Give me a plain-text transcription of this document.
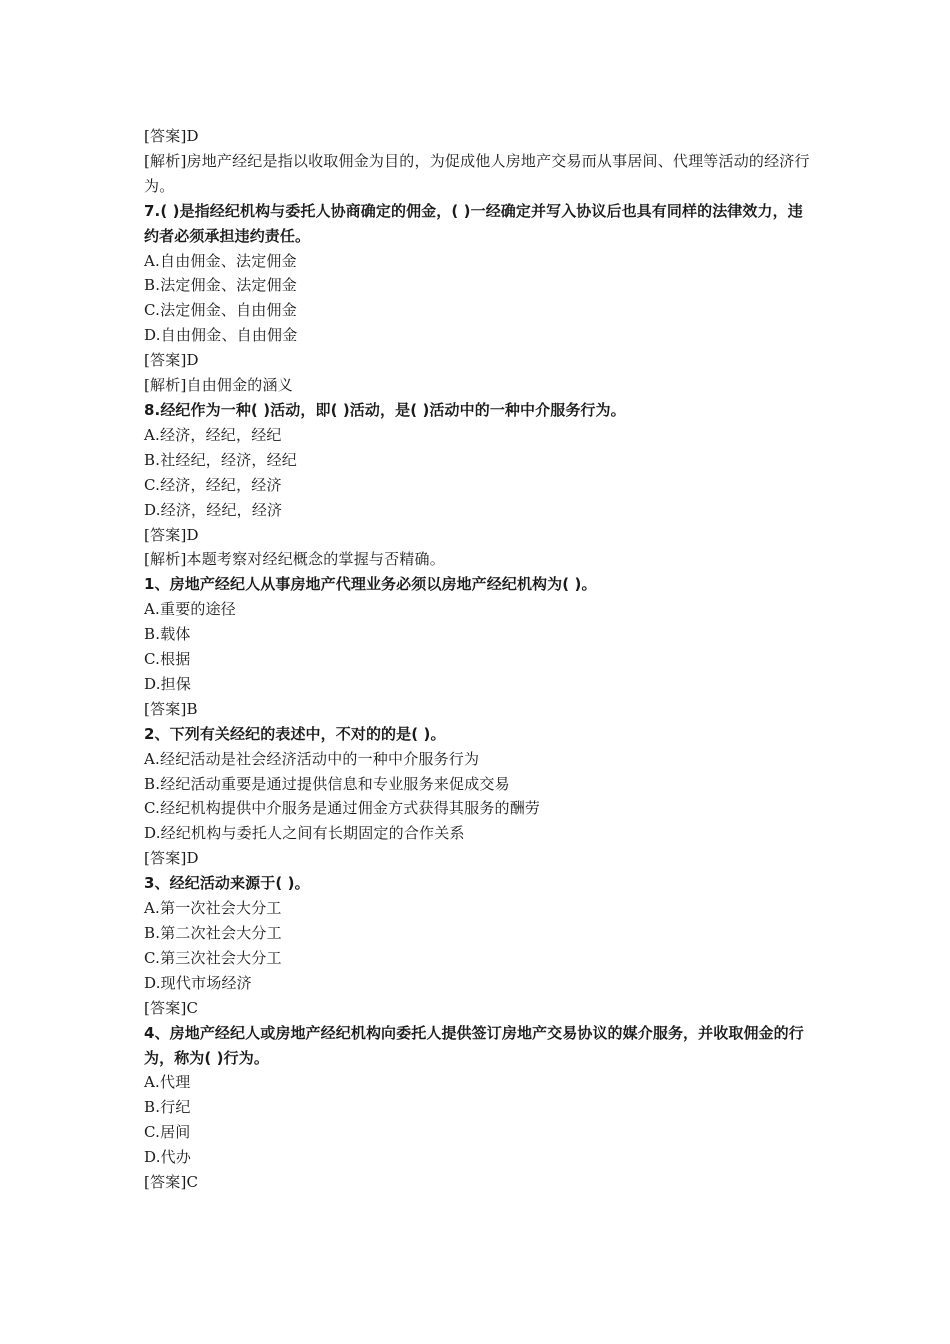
[答案]D
[解析]房地产经纪是指以收取佣金为目的，为促成他人房地产交易而从事居间、代理等活动的经济行为。
7.( )是指经纪机构与委托人协商确定的佣金，( )一经确定并写入协议后也具有同样的法律效力，违约者必须承担违约责任。
A.自由佣金、法定佣金
B.法定佣金、法定佣金
C.法定佣金、自由佣金
D.自由佣金、自由佣金
[答案]D
[解析]自由佣金的涵义
8.经纪作为一种( )活动，即( )活动，是( )活动中的一种中介服务行为。
A.经济，经纪，经纪
B.社经纪，经济，经纪
C.经济，经纪，经济
D.经济，经纪，经济
[答案]D
[解析]本题考察对经纪概念的掌握与否精确。
1、房地产经纪人从事房地产代理业务必须以房地产经纪机构为( )。
A.重要的途径
B.载体
C.根据
D.担保
[答案]B
2、下列有关经纪的表述中，不对的的是( )。
A.经纪活动是社会经济活动中的一种中介服务行为
B.经纪活动重要是通过提供信息和专业服务来促成交易
C.经纪机构提供中介服务是通过佣金方式获得其服务的酬劳
D.经纪机构与委托人之间有长期固定的合作关系
[答案]D
3、经纪活动来源于( )。
A.第一次社会大分工
B.第二次社会大分工
C.第三次社会大分工
D.现代市场经济
[答案]C
4、房地产经纪人或房地产经纪机构向委托人提供签订房地产交易协议的媒介服务，并收取佣金的行为，称为( )行为。
A.代理
B.行纪
C.居间
D.代办
[答案]C
